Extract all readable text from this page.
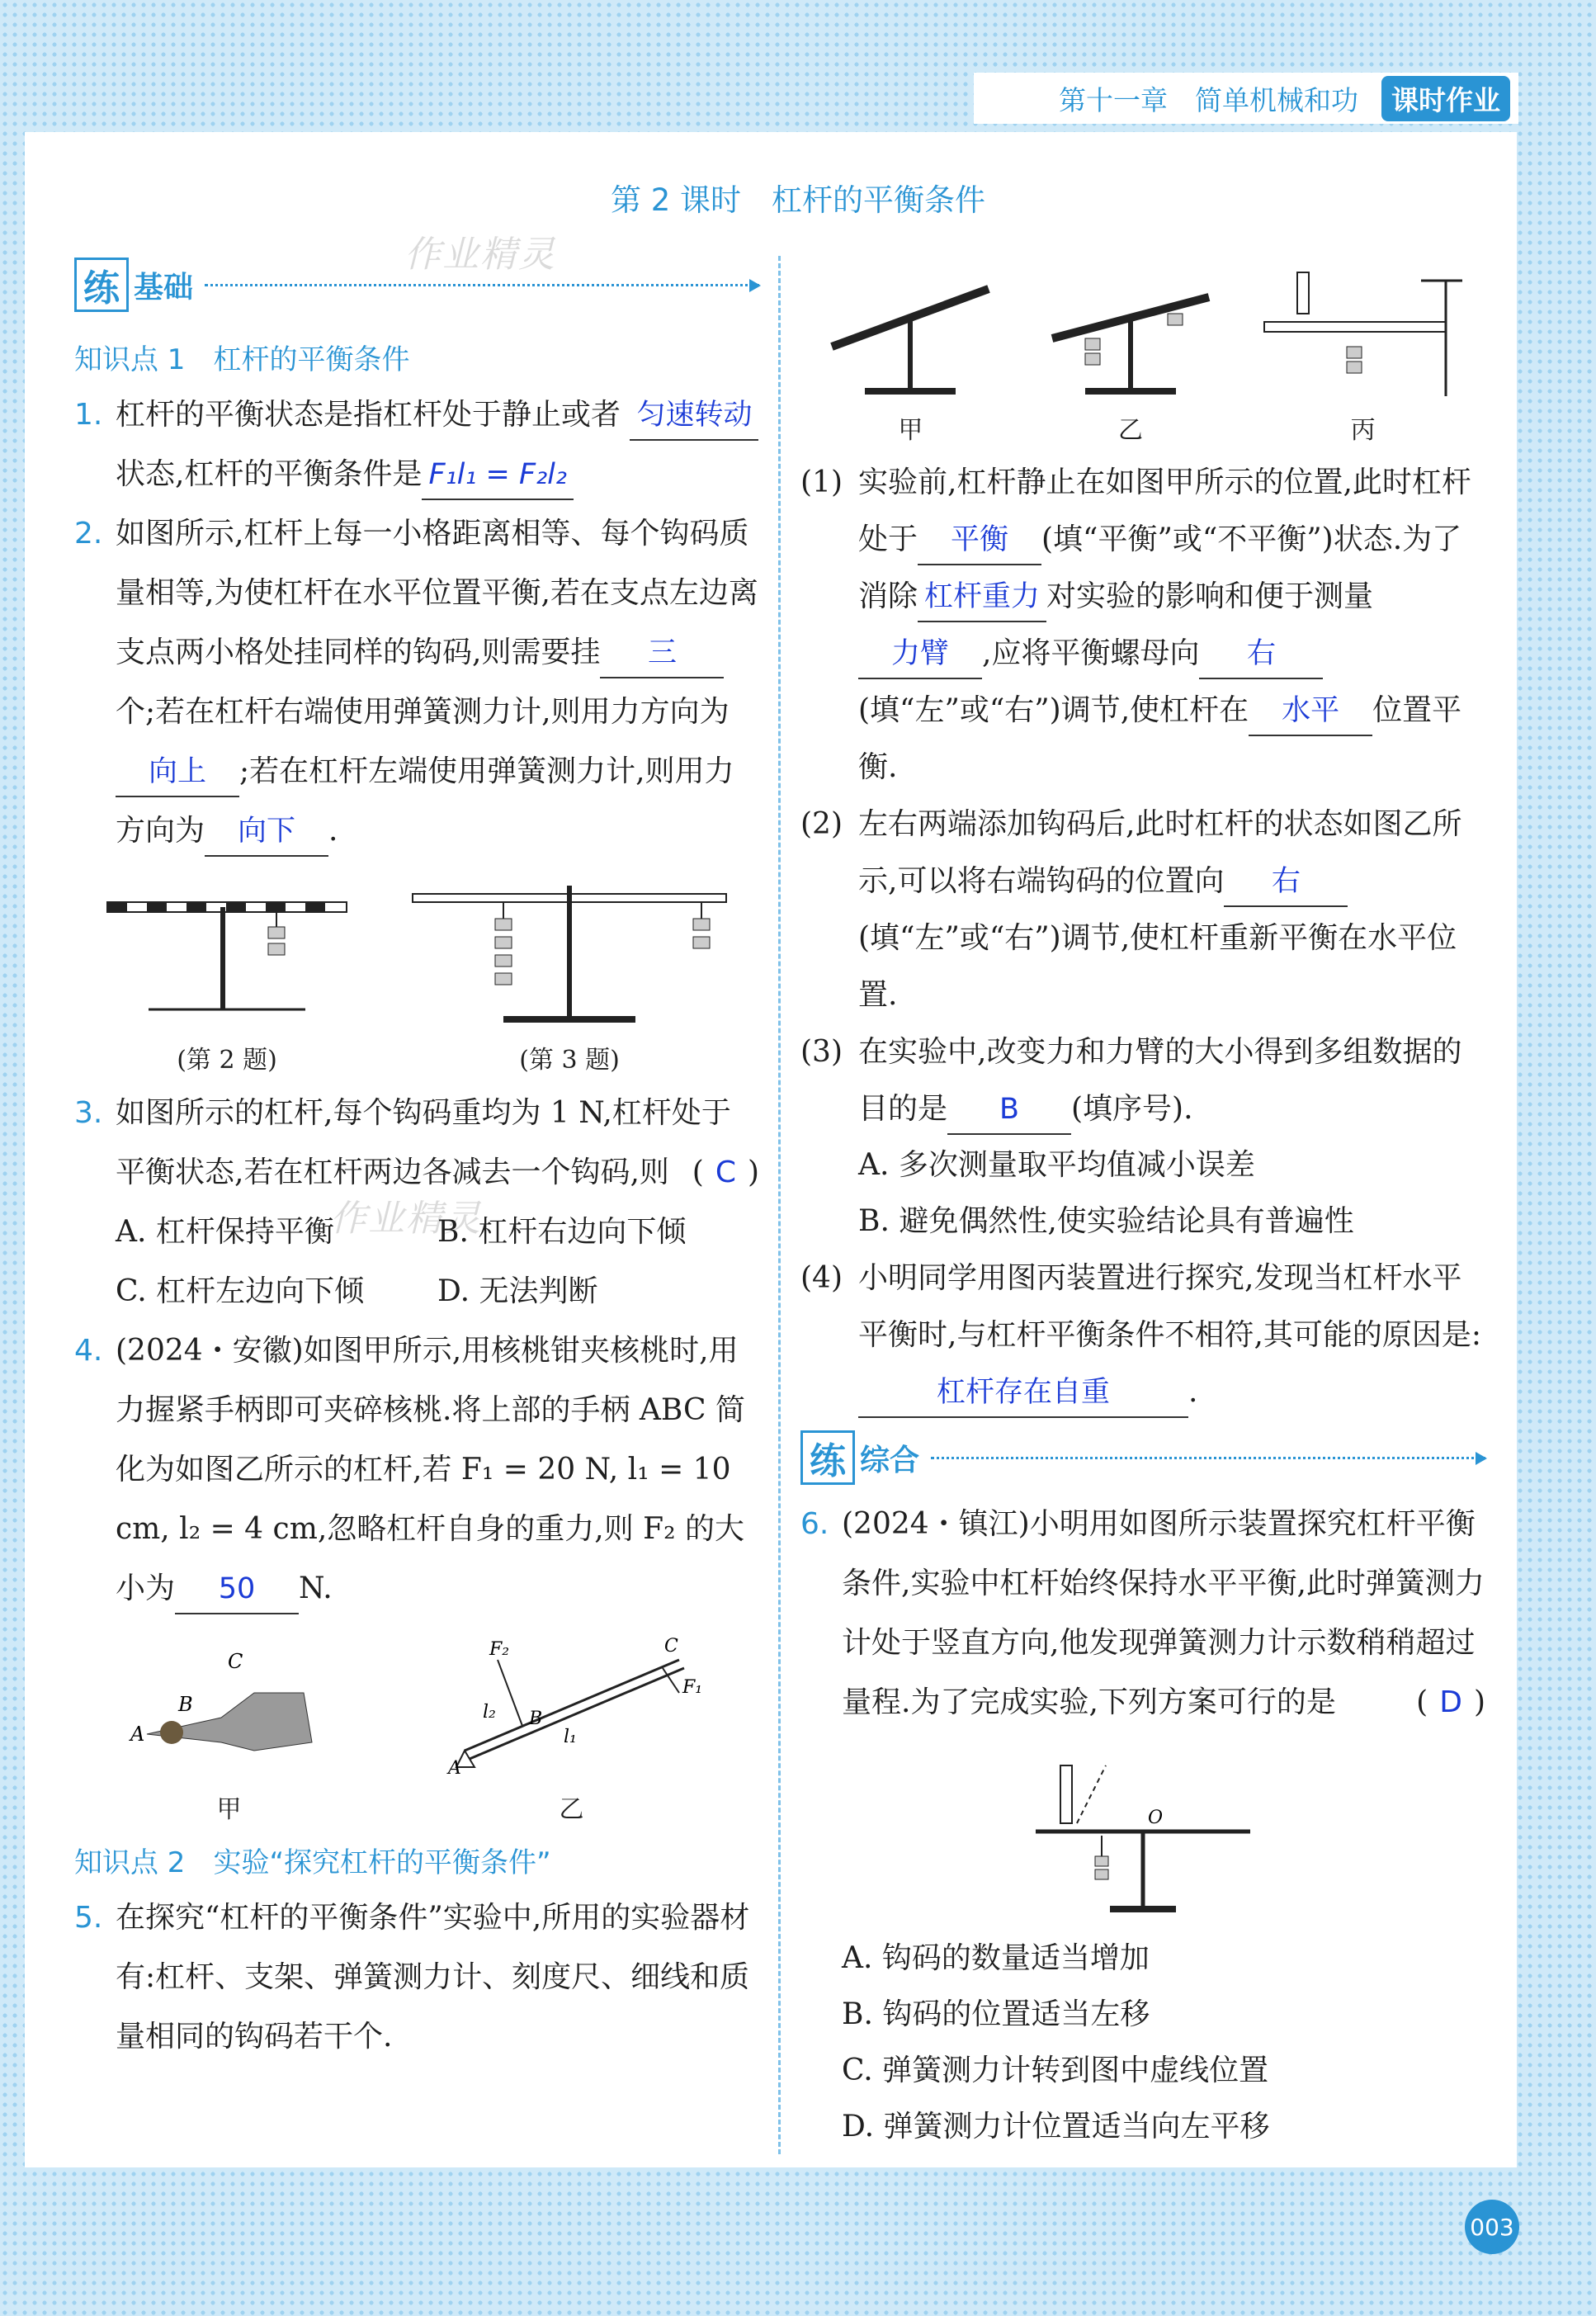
第十一章　简单机械和功	课时作业
第 2 课时　杠杆的平衡条件
作业精灵
作业精灵
练 基础
知识点 1　杠杆的平衡条件
1. 杠杆的平衡状态是指杠杆处于静止或者 匀速转动状态,杠杆的平衡条件是 F₁l₁ = F₂l₂
2. 如图所示,杠杆上每一小格距离相等、每个钩码质量相等,为使杠杆在水平位置平衡,若在支点左边离支点两小格处挂同样的钩码,则需要挂 三个;若在杠杆右端使用弹簧测力计,则用力方向为向上 ;若在杠杆左端使用弹簧测力计,则用力方向为 向下 .
(第 2 题)	(第 3 题)
3. 如图所示的杠杆,每个钩码重均为 1 N,杠杆处于平衡状态,若在杠杆两边各减去一个钩码,则 ( C )
A. 杠杆保持平衡	B. 杠杆右边向下倾
C. 杠杆左边向下倾	D. 无法判断
4. (2024・安徽)如图甲所示,用核桃钳夹核桃时,用力握紧手柄即可夹碎核桃.将上部的手柄 ABC 简化为如图乙所示的杠杆,若 F₁ = 20 N, l₁ = 10 cm, l₂ = 4 cm,忽略杠杆自身的重力,则 F₂ 的大小为 50 N.
C
B
A
甲
A
B
C
F₂
F₁
l₂
l₁
乙
知识点 2　实验“探究杠杆的平衡条件”
5. 在探究“杠杆的平衡条件”实验中,所用的实验器材有:杠杆、支架、弹簧测力计、刻度尺、细线和质量相同的钩码若干个.
甲	乙	丙
(1) 实验前,杠杆静止在如图甲所示的位置,此时杠杆处于 平衡 (填“平衡”或“不平衡”)状态.为了消除 杠杆重力 对实验的影响和便于测量力臂 ,应将平衡螺母向 右(填“左”或“右”)调节,使杠杆在 水平 位置平衡.
(2) 左右两端添加钩码后,此时杠杆的状态如图乙所示,可以将右端钩码的位置向 右(填“左”或“右”)调节,使杠杆重新平衡在水平位置.
(3) 在实验中,改变力和力臂的大小得到多组数据的目的是 B (填序号).
A. 多次测量取平均值减小误差
B. 避免偶然性,使实验结论具有普遍性
(4) 小明同学用图丙装置进行探究,发现当杠杆水平平衡时,与杠杆平衡条件不相符,其可能的原因是:杠杆存在自重	.
练 综合
6. (2024・镇江)小明用如图所示装置探究杠杆平衡条件,实验中杠杆始终保持水平平衡,此时弹簧测力计处于竖直方向,他发现弹簧测力计示数稍稍超过量程.为了完成实验,下列方案可行的是	( D )
O
A. 钩码的数量适当增加
B. 钩码的位置适当左移
C. 弹簧测力计转到图中虚线位置
D. 弹簧测力计位置适当向左平移
003
